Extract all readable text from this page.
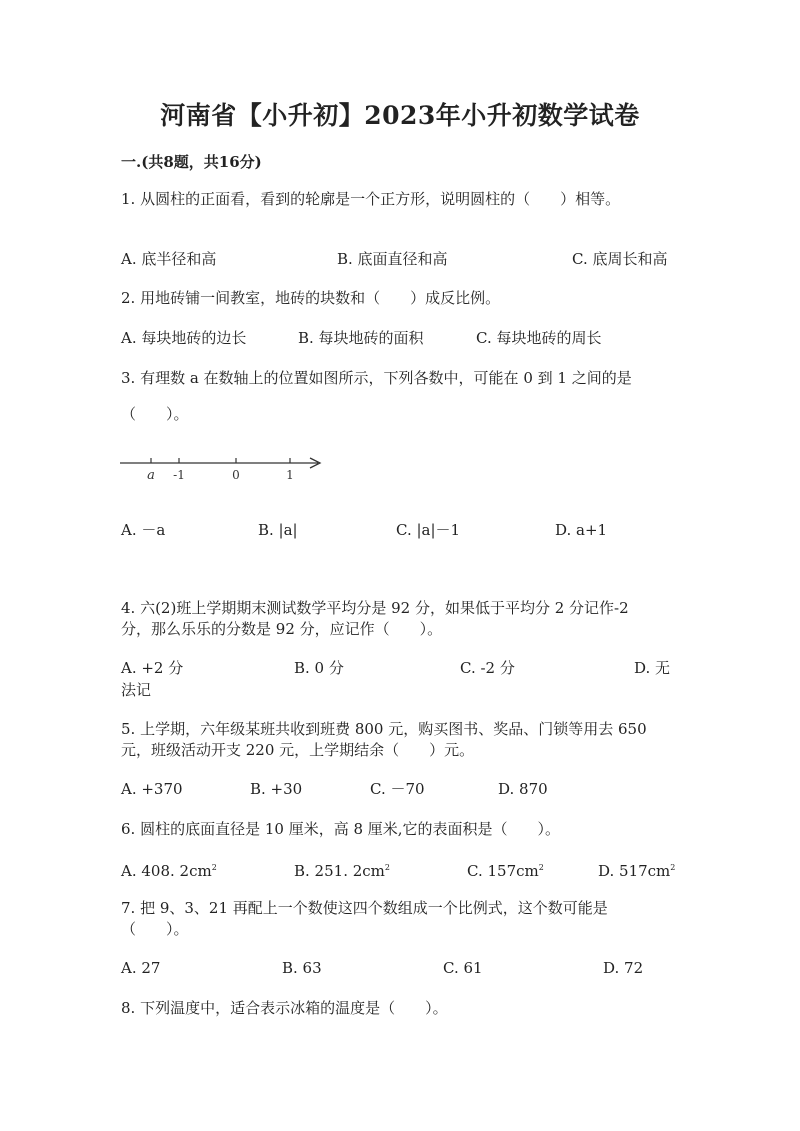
河南省【小升初】2023年小升初数学试卷
一.(共8题，共16分)
1. 从圆柱的正面看，看到的轮廓是一个正方形，说明圆柱的（　　）相等。
A. 底半径和高	B. 底面直径和高	C. 底周长和高
2. 用地砖铺一间教室，地砖的块数和（　　）成反比例。
A. 每块地砖的边长	B. 每块地砖的面积	C. 每块地砖的周长
3. 有理数 a 在数轴上的位置如图所示，下列各数中，可能在 0 到 1 之间的是
（　　）。
a -1	0	1
A. －a	B. |a|	C. |a|－1	D. a+1
4. 六(2)班上学期期末测试数学平均分是 92 分，如果低于平均分 2 分记作-2
分，那么乐乐的分数是 92 分，应记作（　　）。
A. +2 分	B. 0 分	C. -2 分	D. 无
法记
5. 上学期，六年级某班共收到班费 800 元，购买图书、奖品、门锁等用去 650
元，班级活动开支 220 元，上学期结余（　　）元。
A. +370	B. +30	C. －70	D. 870
6. 圆柱的底面直径是 10 厘米，高 8 厘米,它的表面积是（　　）。
A. 408. $2cm^2$	B. 251. $2cm^2$	C. $157cm^2$	D. $517cm^2$
7. 把 9、3、21 再配上一个数使这四个数组成一个比例式，这个数可能是
（　　）。
A. 27	B. 63	C. 61	D. 72
8. 下列温度中，适合表示冰箱的温度是（　　）。
